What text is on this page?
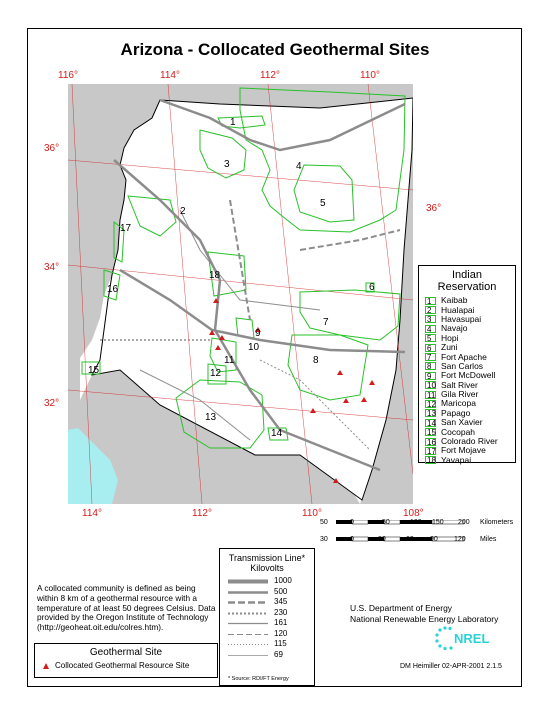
Arizona - Collocated Geothermal Sites
1
2
3	4
5
6
7
8
9
10
11
12
13
14
15
16
17
18
116°	114°	112°	110°
114°	112°	110°	108°
36°
34°
32°
36°
Indian
Reservation
1	Kaibab
2	Hualapai
3	Havasupai
4	Navajo
5	Hopi
6	Zuni
7	Fort Apache
8	San Carlos
9	Fort McDowell
10 Salt River
11 Gila River
12 Maricopa
13 Papago
14 San Xavier
15 Cocopah
16 Colorado River
17 Fort Mojave
18 Yavapai
50	0	50	100 150 200 Kilometers
30	0	30	60 90 120 Miles
Transmission Line*
Kilovolts
1000
500
345
230
161
120
115
69
* Source: RDI/FT Energy
A collocated community is defined as being within 8 km of a geothermal resource with a temperature of at least 50 degrees Celsius. Data provided by the Oregon Institute of Technology (http://geoheat.oit.edu/colres.htm).
Geothermal Site
Collocated Geothermal Resource Site
U.S. Department of Energy
National Renewable Energy Laboratory
NREL
DM Heimiller 02-APR-2001 2.1.5
